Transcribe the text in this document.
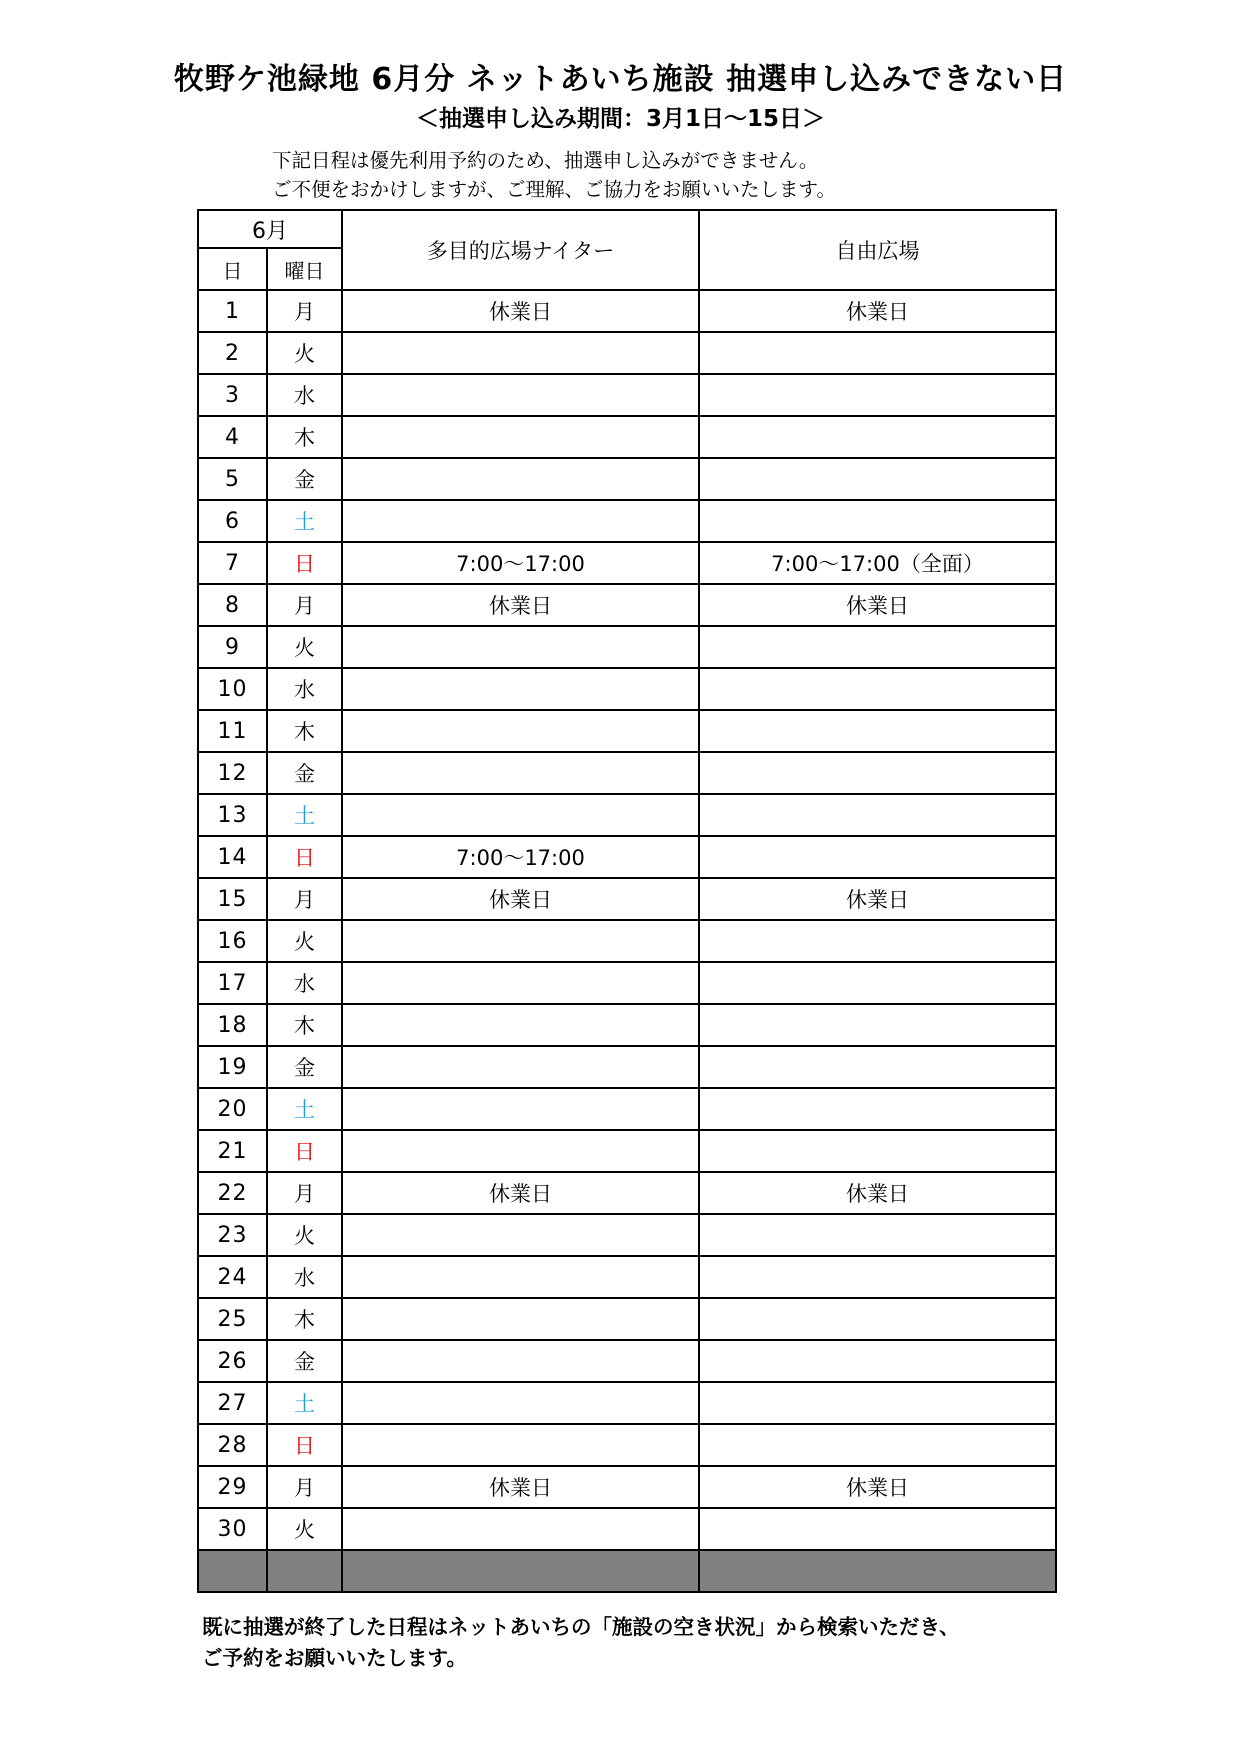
牧野ケ池緑地 6月分 ネットあいち施設 抽選申し込みできない日
＜抽選申し込み期間：3月1日～15日＞
下記日程は優先利用予約のため、抽選申し込みができません。
ご不便をおかけしますが、ご理解、ご協力をお願いいたします。
6月		多目的広場ナイター	自由広場
日	曜日		
1	月	休業日	休業日
2	火		
3	水		
4	木		
5	金		
6	土		
7	日	7:00～17:00	7:00～17:00（全面）
8	月	休業日	休業日
9	火		
10	水		
11	木		
12	金		
13	土		
14	日	7:00～17:00	
15	月	休業日	休業日
16	火		
17	水		
18	木		
19	金		
20	土		
21	日		
22	月	休業日	休業日
23	火		
24	水		
25	木		
26	金		
27	土		
28	日		
29	月	休業日	休業日
30	火		

既に抽選が終了した日程はネットあいちの「施設の空き状況」から検索いただき、
ご予約をお願いいたします。
